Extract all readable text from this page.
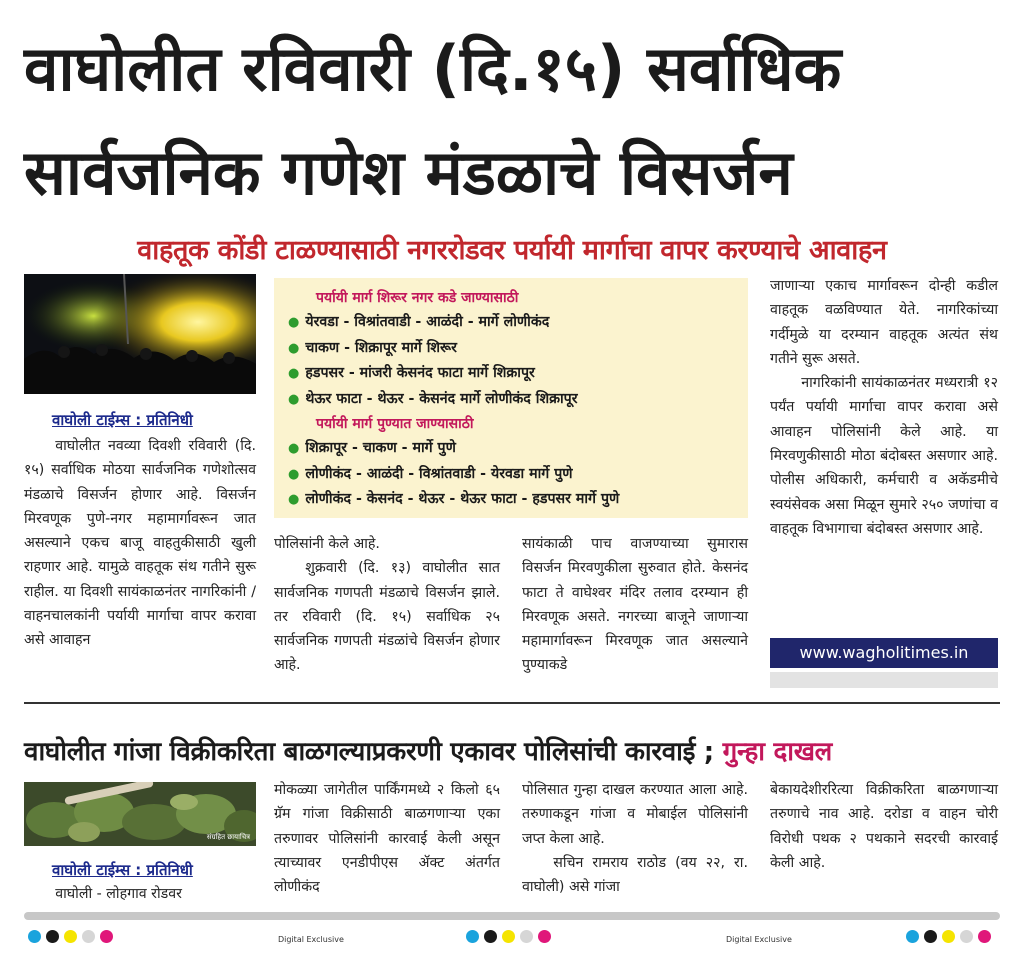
वाघोलीत रविवारी (दि.१५) सर्वाधिक
सार्वजनिक गणेश मंडळाचे विसर्जन
वाहतूक कोंडी टाळण्यासाठी नगररोडवर पर्यायी मार्गाचा वापर करण्याचे आवाहन
वाघोली टाईम्स : प्रतिनिधी

वाघोलीत नवव्या दिवशी रविवारी (दि. १५) सर्वाधिक मोठया सार्वजनिक गणेशोत्सव मंडळाचे विसर्जन होणार आहे. विसर्जन मिरवणूक पुणे-नगर महामार्गावरून जात असल्याने एकच बाजू वाहतुकीसाठी खुली राहणार आहे. यामुळे वाहतूक संथ गतीने सुरू राहील. या दिवशी सायंकाळनंतर नागरिकांनी / वाहनचालकांनी पर्यायी मार्गाचा वापर करावा असे आवाहन

पर्यायी मार्ग शिरूर नगर कडे जाण्यासाठी
● येरवडा - विश्रांतवाडी - आळंदी - मार्गे लोणीकंद
● चाकण - शिक्रापूर मार्गे शिरूर
● हडपसर - मांजरी केसनंद फाटा मार्गे शिक्रापूर
● थेऊर फाटा - थेऊर - केसनंद मार्गे लोणीकंद शिक्रापूर
पर्यायी मार्ग पुण्यात जाण्यासाठी
● शिक्रापूर - चाकण - मार्गे पुणे
● लोणीकंद - आळंदी - विश्रांतवाडी - येरवडा मार्गे पुणे
● लोणीकंद - केसनंद - थेऊर - थेऊर फाटा - हडपसर मार्गे पुणे

पोलिसांनी केले आहे.

शुक्रवारी (दि. १३) वाघोलीत सात सार्वजनिक गणपती मंडळाचे विसर्जन झाले. तर रविवारी (दि. १५) सर्वाधिक २५ सार्वजनिक गणपती मंडळांचे विसर्जन होणार आहे.

सायंकाळी पाच वाजण्याच्या सुमारास विसर्जन मिरवणुकीला सुरुवात होते. केसनंद फाटा ते वाघेश्वर मंदिर तलाव दरम्यान ही मिरवणूक असते. नगरच्या बाजूने जाणाऱ्या महामार्गावरून मिरवणूक जात असल्याने पुण्याकडे

जाणाऱ्या एकाच मार्गावरून दोन्ही कडील वाहतूक वळविण्यात येते. नागरिकांच्या गर्दीमुळे या दरम्यान वाहतूक अत्यंत संथ गतीने सुरू असते.

नागरिकांनी सायंकाळनंतर मध्यरात्री १२ पर्यंत पर्यायी मार्गाचा वापर करावा असे आवाहन पोलिसांनी केले आहे. या मिरवणुकीसाठी मोठा बंदोबस्त असणार आहे. पोलीस अधिकारी, कर्मचारी व अकॅडमीचे स्वयंसेवक असा मिळून सुमारे २५० जणांचा व वाहतूक विभागाचा बंदोबस्त असणार आहे.

www.wagholitimes.in
वाघोलीत गांजा विक्रीकरिता बाळगल्याप्रकरणी एकावर पोलिसांची कारवाई ; गुन्हा दाखल
संग्रहित छायाचित्र
वाघोली टाईम्स : प्रतिनिधी

वाघोली - लोहगाव रोडवर

मोकळ्या जागेतील पार्किंगमध्ये २ किलो ६५ ग्रॅम गांजा विक्रीसाठी बाळगणाऱ्या एका तरुणावर पोलिसांनी कारवाई केली असून त्याच्यावर एनडीपीएस ॲक्ट अंतर्गत लोणीकंद

पोलिसात गुन्हा दाखल करण्यात आला आहे. तरुणाकडून गांजा व मोबाईल पोलिसांनी जप्त केला आहे.

सचिन रामराय राठोड (वय २२, रा. वाघोली) असे गांजा

बेकायदेशीररित्या विक्रीकरिता बाळगणाऱ्या तरुणाचे नाव आहे. दरोडा व वाहन चोरी विरोधी पथक २ पथकाने सदरची कारवाई केली आहे.

Digital Exclusive	Digital Exclusive
